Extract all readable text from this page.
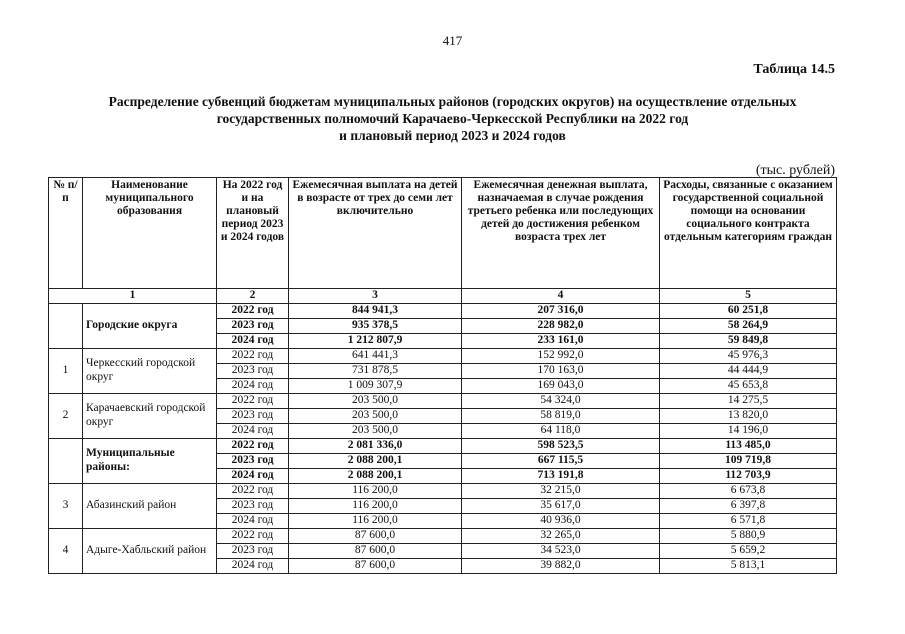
417
Таблица 14.5
Распределение субвенций бюджетам муниципальных районов (городских округов) на осуществление отдельных
государственных полномочий Карачаево-Черкесской Республики на 2022 год
и плановый период 2023 и 2024 годов
(тыс. рублей)
№ п/п	Наименование муниципального образования	На 2022 год и на плановый период 2023 и 2024 годов	Ежемесячная выплата на детей в возрасте от трех до семи лет включительно	Ежемесячная денежная выплата, назначаемая в случае рождения третьего ребенка или последующих детей до достижения ребенком возраста трех лет	Расходы, связанные с оказанием государственной социальной помощи на основании социального контракта отдельным категориям граждан
1		2	3	4	5
	Городские округа	2022 год	844 941,3	207 316,0	60 251,8
		2023 год	935 378,5	228 982,0	58 264,9
		2024 год	1 212 807,9	233 161,0	59 849,8
1	Черкесский городской округ	2022 год	641 441,3	152 992,0	45 976,3
		2023 год	731 878,5	170 163,0	44 444,9
		2024 год	1 009 307,9	169 043,0	45 653,8
2	Карачаевский городской округ	2022 год	203 500,0	54 324,0	14 275,5
		2023 год	203 500,0	58 819,0	13 820,0
		2024 год	203 500,0	64 118,0	14 196,0
	Муниципальные районы:	2022 год	2 081 336,0	598 523,5	113 485,0
		2023 год	2 088 200,1	667 115,5	109 719,8
		2024 год	2 088 200,1	713 191,8	112 703,9
3	Абазинский район	2022 год	116 200,0	32 215,0	6 673,8
		2023 год	116 200,0	35 617,0	6 397,8
		2024 год	116 200,0	40 936,0	6 571,8
4	Адыге-Хабльский район	2022 год	87 600,0	32 265,0	5 880,9
		2023 год	87 600,0	34 523,0	5 659,2
		2024 год	87 600,0	39 882,0	5 813,1
